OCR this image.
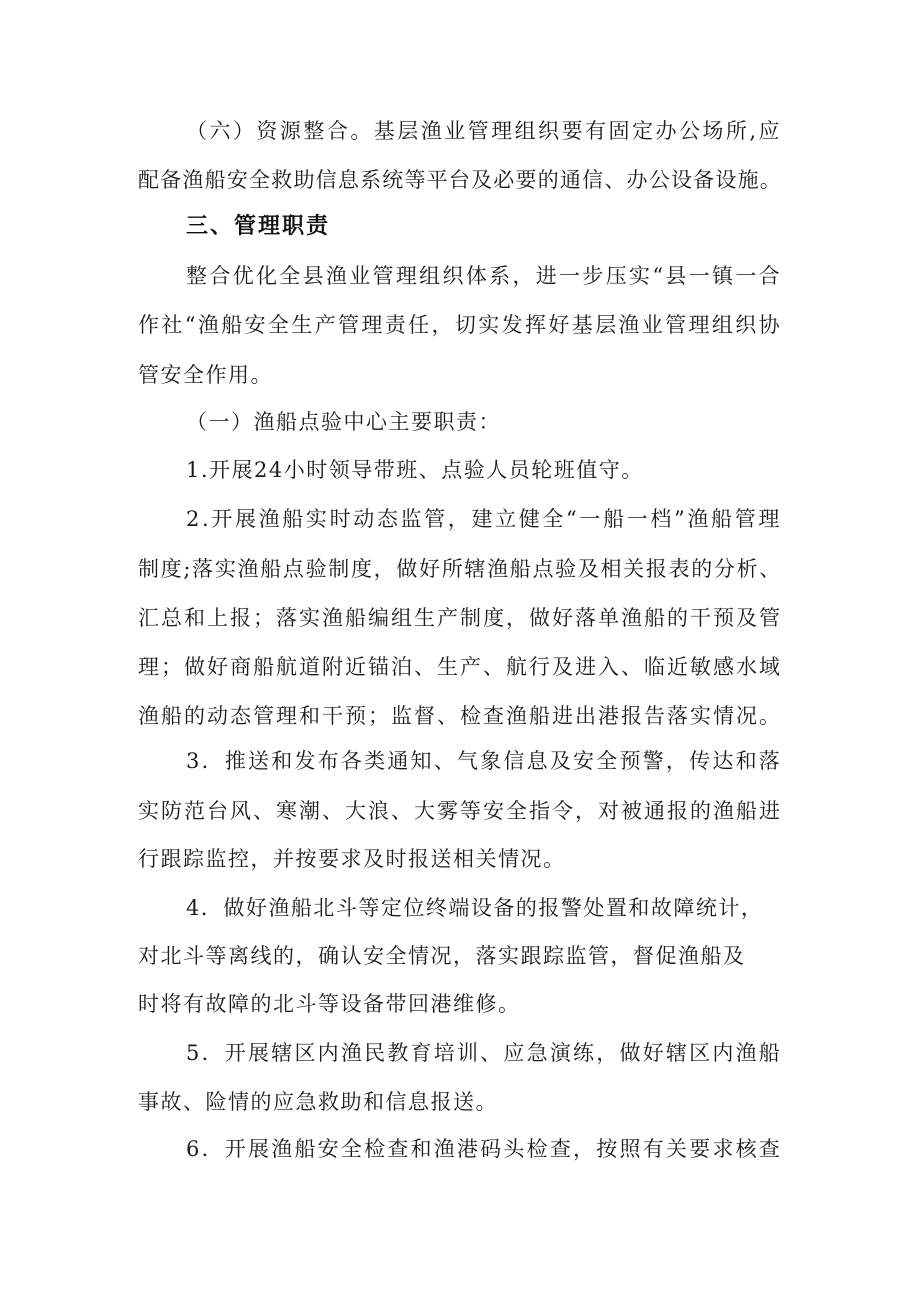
（六）资源整合。基层渔业管理组织要有固定办公场所,应
配备渔船安全救助信息系统等平台及必要的通信、办公设备设施。
三、管理职责
整合优化全县渔业管理组织体系，进一步压实“县一镇一合
作社“渔船安全生产管理责任，切实发挥好基层渔业管理组织协
管安全作用。
（一）渔船点验中心主要职责：
1.开展24小时领导带班、点验人员轮班值守。
2.开展渔船实时动态监管，建立健全“一船一档”渔船管理
制度;落实渔船点验制度，做好所辖渔船点验及相关报表的分析、
汇总和上报；落实渔船编组生产制度，做好落单渔船的干预及管
理；做好商船航道附近锚泊、生产、航行及进入、临近敏感水域
渔船的动态管理和干预；监督、检查渔船进出港报告落实情况。
3．推送和发布各类通知、气象信息及安全预警，传达和落
实防范台风、寒潮、大浪、大雾等安全指令，对被通报的渔船进
行跟踪监控，并按要求及时报送相关情况。
4．做好渔船北斗等定位终端设备的报警处置和故障统计，
对北斗等离线的，确认安全情况，落实跟踪监管，督促渔船及
时将有故障的北斗等设备带回港维修。
5．开展辖区内渔民教育培训、应急演练，做好辖区内渔船
事故、险情的应急救助和信息报送。
6．开展渔船安全检查和渔港码头检查，按照有关要求核查
